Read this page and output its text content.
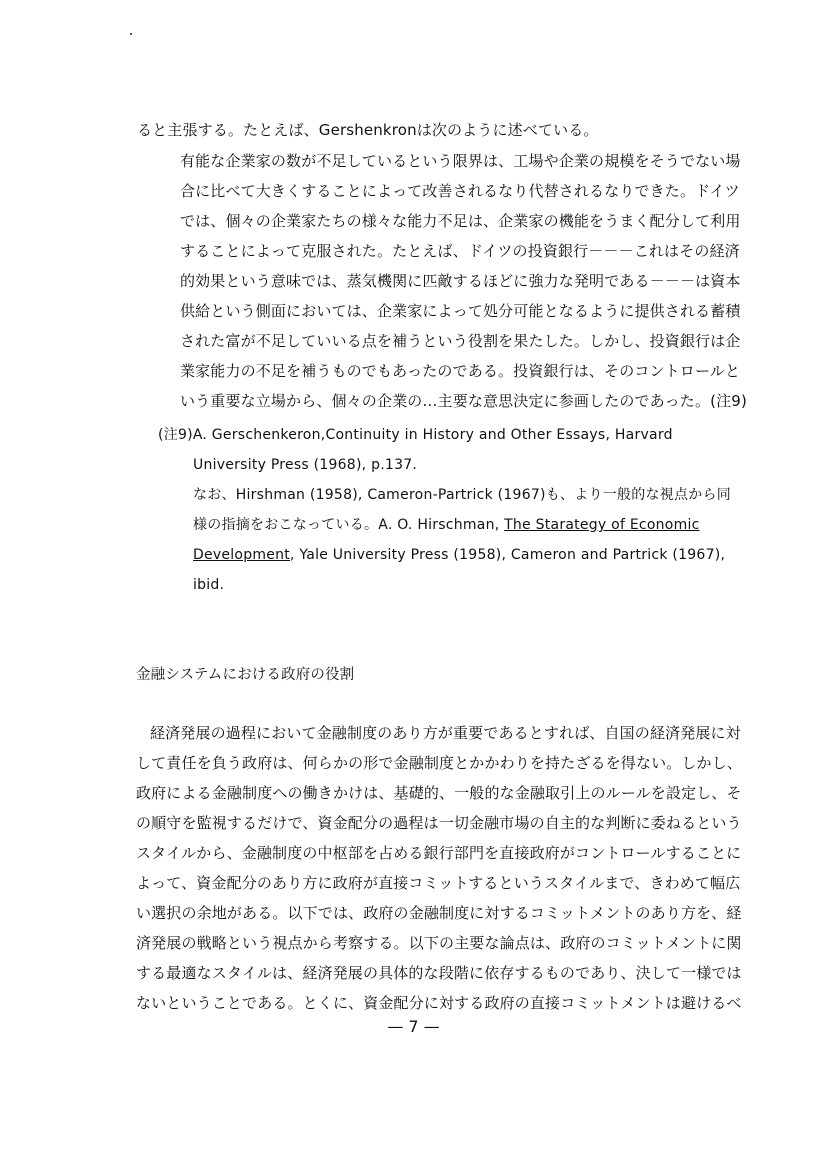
ると主張する。たとえば、Gershenkronは次のように述べている。
有能な企業家の数が不足しているという限界は、工場や企業の規模をそうでない場
合に比べて大きくすることによって改善されるなり代替されるなりできた。ドイツ
では、個々の企業家たちの様々な能力不足は、企業家の機能をうまく配分して利用
することによって克服された。たとえば、ドイツの投資銀行－－－これはその経済
的効果という意味では、蒸気機関に匹敵するほどに強力な発明である－－－は資本
供給という側面においては、企業家によって処分可能となるように提供される蓄積
された富が不足していいる点を補うという役割を果たした。しかし、投資銀行は企
業家能力の不足を補うものでもあったのである。投資銀行は、そのコントロールと
いう重要な立場から、個々の企業の…主要な意思決定に参画したのであった。(注9)
(注9)A. Gerschenkeron,Continuity in History and Other Essays, Harvard
University Press (1968), p.137.
なお、Hirshman (1958), Cameron-Partrick (1967)も、より一般的な視点から同
様の指摘をおこなっている。A. O. Hirschman, The Starategy of Economic
Development, Yale University Press (1958), Cameron and Partrick (1967),
ibid.
金融システムにおける政府の役割
経済発展の過程において金融制度のあり方が重要であるとすれば、自国の経済発展に対
して責任を負う政府は、何らかの形で金融制度とかかわりを持たざるを得ない。しかし、
政府による金融制度への働きかけは、基礎的、一般的な金融取引上のルールを設定し、そ
の順守を監視するだけで、資金配分の過程は一切金融市場の自主的な判断に委ねるという
スタイルから、金融制度の中枢部を占める銀行部門を直接政府がコントロールすることに
よって、資金配分のあり方に政府が直接コミットするというスタイルまで、きわめて幅広
い選択の余地がある。以下では、政府の金融制度に対するコミットメントのあり方を、経
済発展の戦略という視点から考察する。以下の主要な論点は、政府のコミットメントに関
する最適なスタイルは、経済発展の具体的な段階に依存するものであり、決して一様では
ないということである。とくに、資金配分に対する政府の直接コミットメントは避けるべ
— 7 —
